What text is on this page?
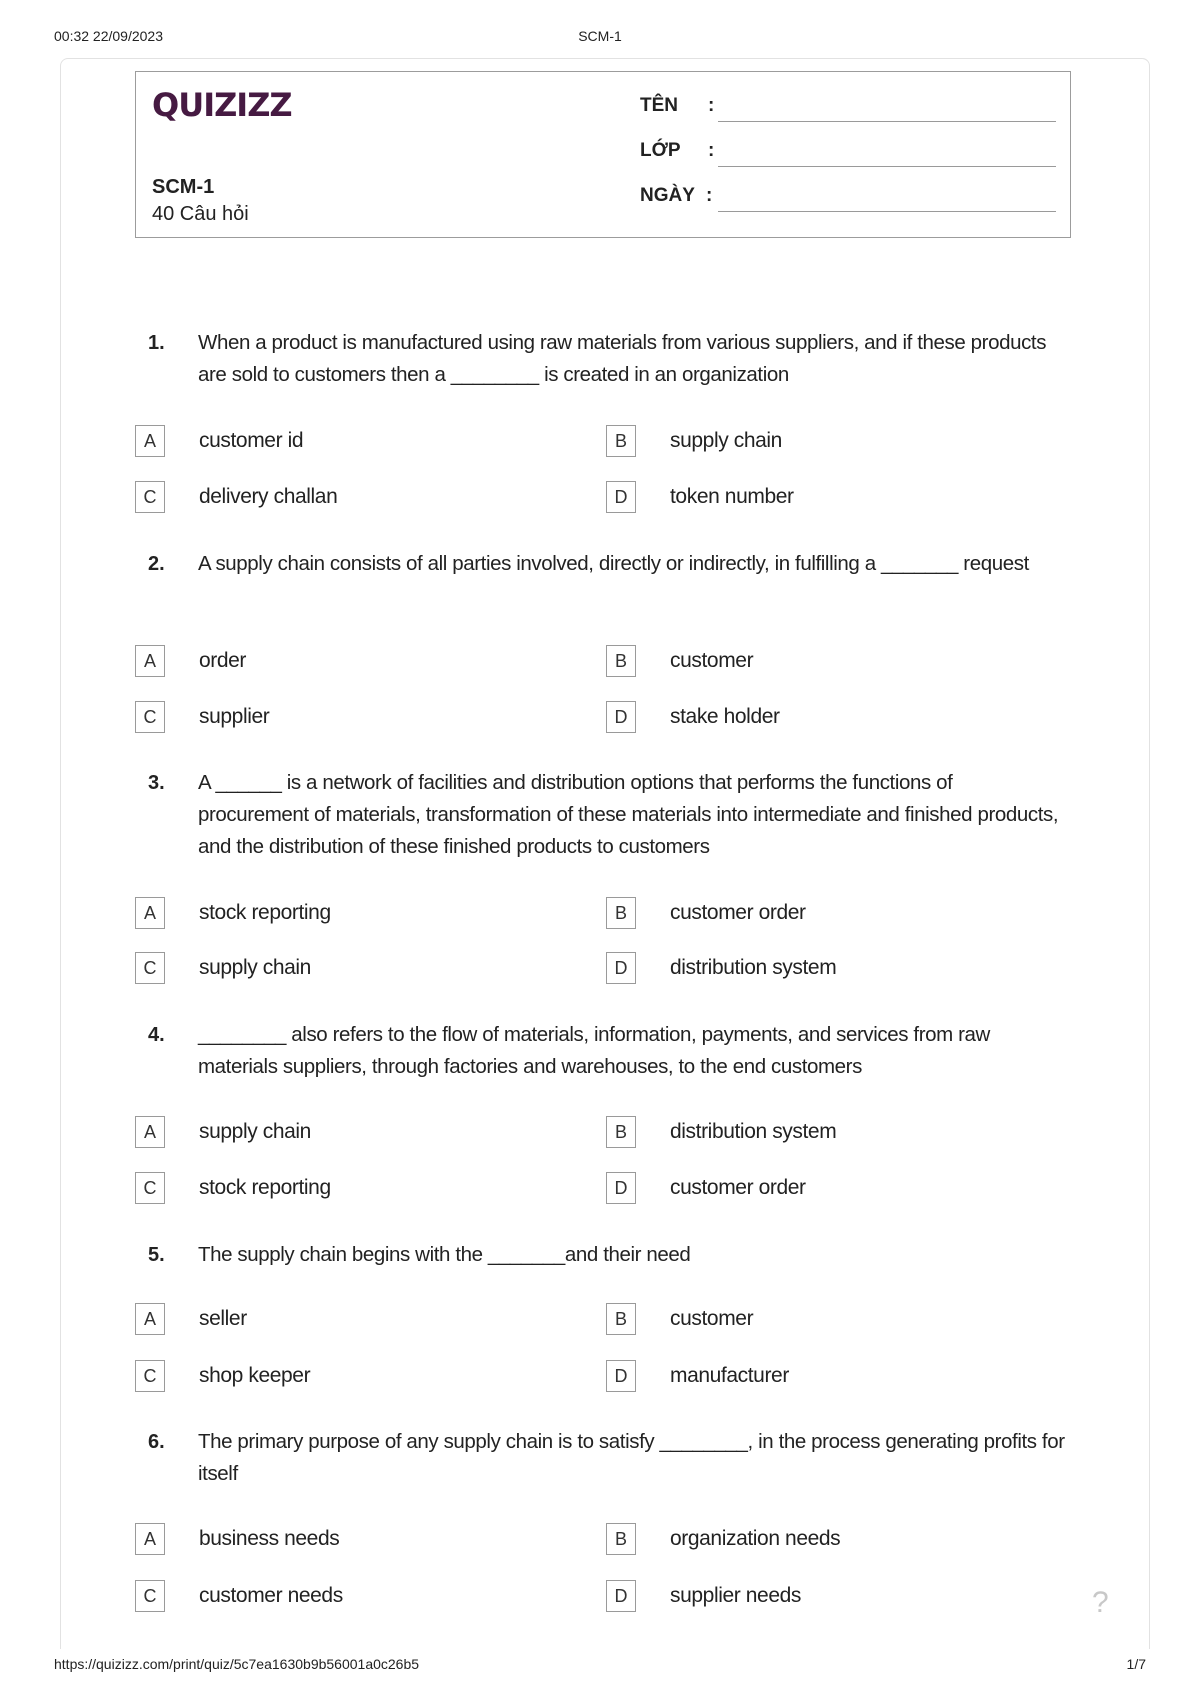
00:32 22/09/2023	SCM-1
QUIZIZZ
SCM-1
40 Câu hỏi
TÊN :
LỚP :
NGÀY :
1.	When a product is manufactured using raw materials from various suppliers, and if these products are sold to customers then a ________ is created in an organization
A	customer id	B	supply chain
C	delivery challan	D	token number
2.	A supply chain consists of all parties involved, directly or indirectly, in fulfilling a _______ request
A	order	B	customer
C	supplier	D	stake holder
3.	A ______ is a network of facilities and distribution options that performs the functions of procurement of materials, transformation of these materials into intermediate and finished products, and the distribution of these finished products to customers
A	stock reporting	B	customer order
C	supply chain	D	distribution system
4.	________ also refers to the flow of materials, information, payments, and services from raw materials suppliers, through factories and warehouses, to the end customers
A	supply chain	B	distribution system
C	stock reporting	D	customer order
5.	The supply chain begins with the _______and their need
A	seller	B	customer
C	shop keeper	D	manufacturer
6.	The primary purpose of any supply chain is to satisfy ________, in the process generating profits for itself
A	business needs	B	organization needs
C	customer needs	D	supplier needs	?
https://quizizz.com/print/quiz/5c7ea1630b9b56001a0c26b5	1/7
